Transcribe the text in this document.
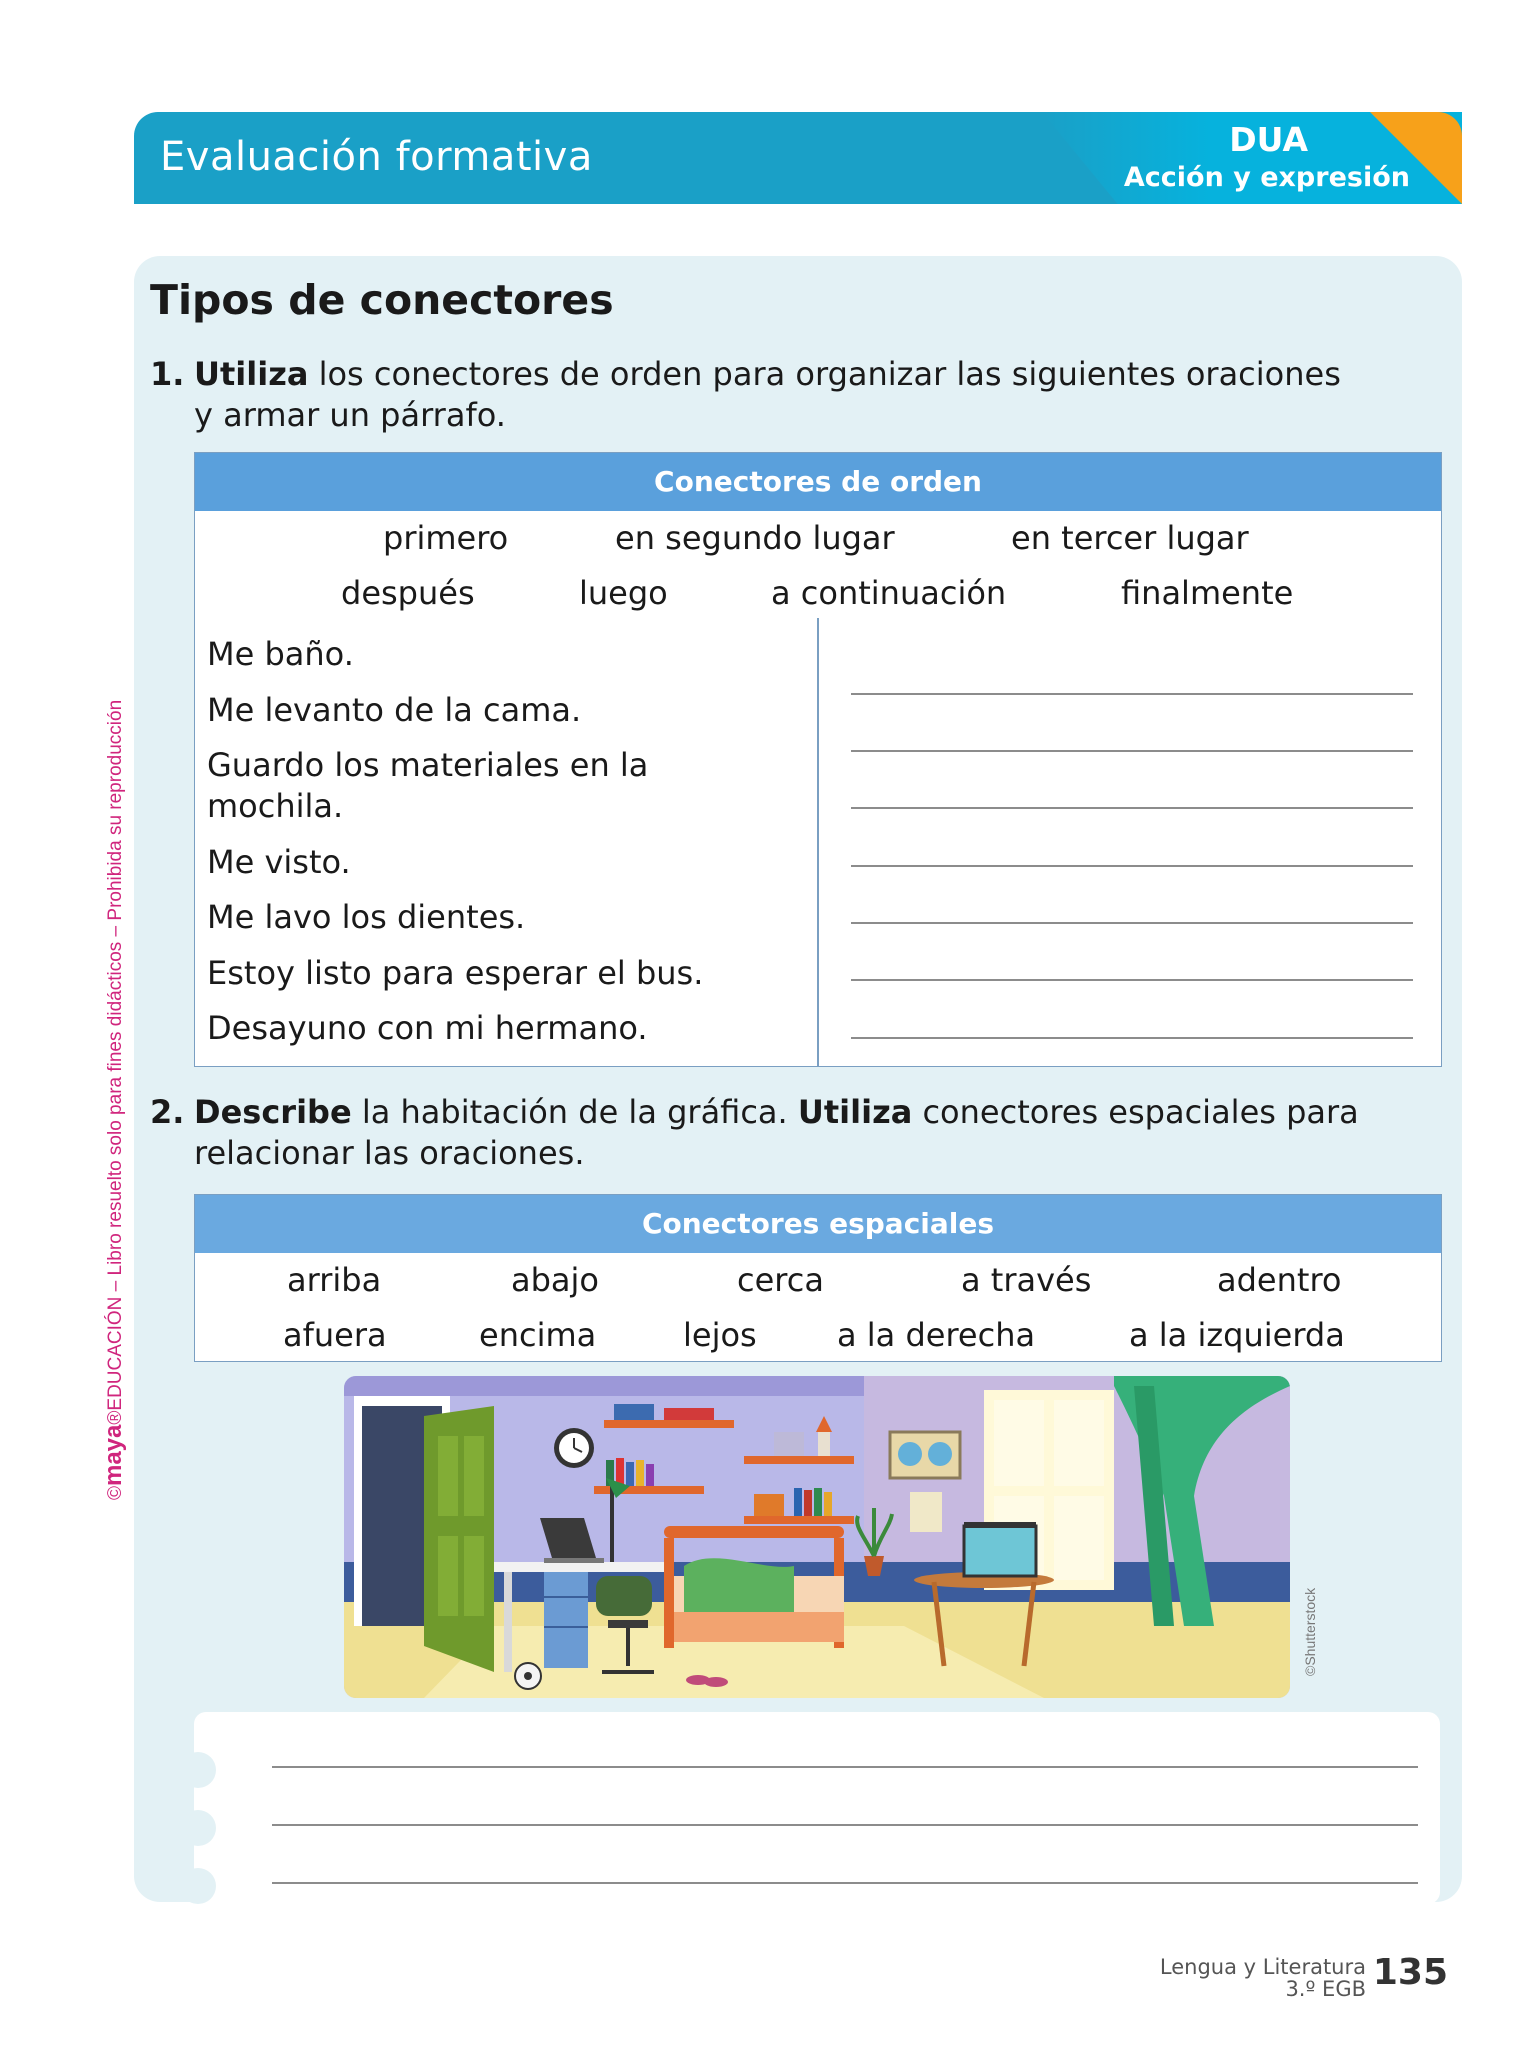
Evaluación formativa	DUA
Acción y expresión
©maya®EDUCACIÓN – Libro resuelto solo para fines didácticos – Prohibida su reproducción
Tipos de conectores
1. Utiliza los conectores de orden para organizar las siguientes oraciones
y armar un párrafo.
Conectores de orden
primero	en segundo lugar	en tercer lugar
después	luego	a continuación	finalmente
Me baño.
Me levanto de la cama.
Guardo los materiales en la mochila.
Me visto.
Me lavo los dientes.
Estoy listo para esperar el bus.
Desayuno con mi hermano.
2. Describe la habitación de la gráfica. Utiliza conectores espaciales para
relacionar las oraciones.
Conectores espaciales
arriba	abajo	cerca	a través	adentro
afuera	encima	lejos	a la derecha	a la izquierda
©Shutterstock
Lengua y Literatura
3.º EGB 135
